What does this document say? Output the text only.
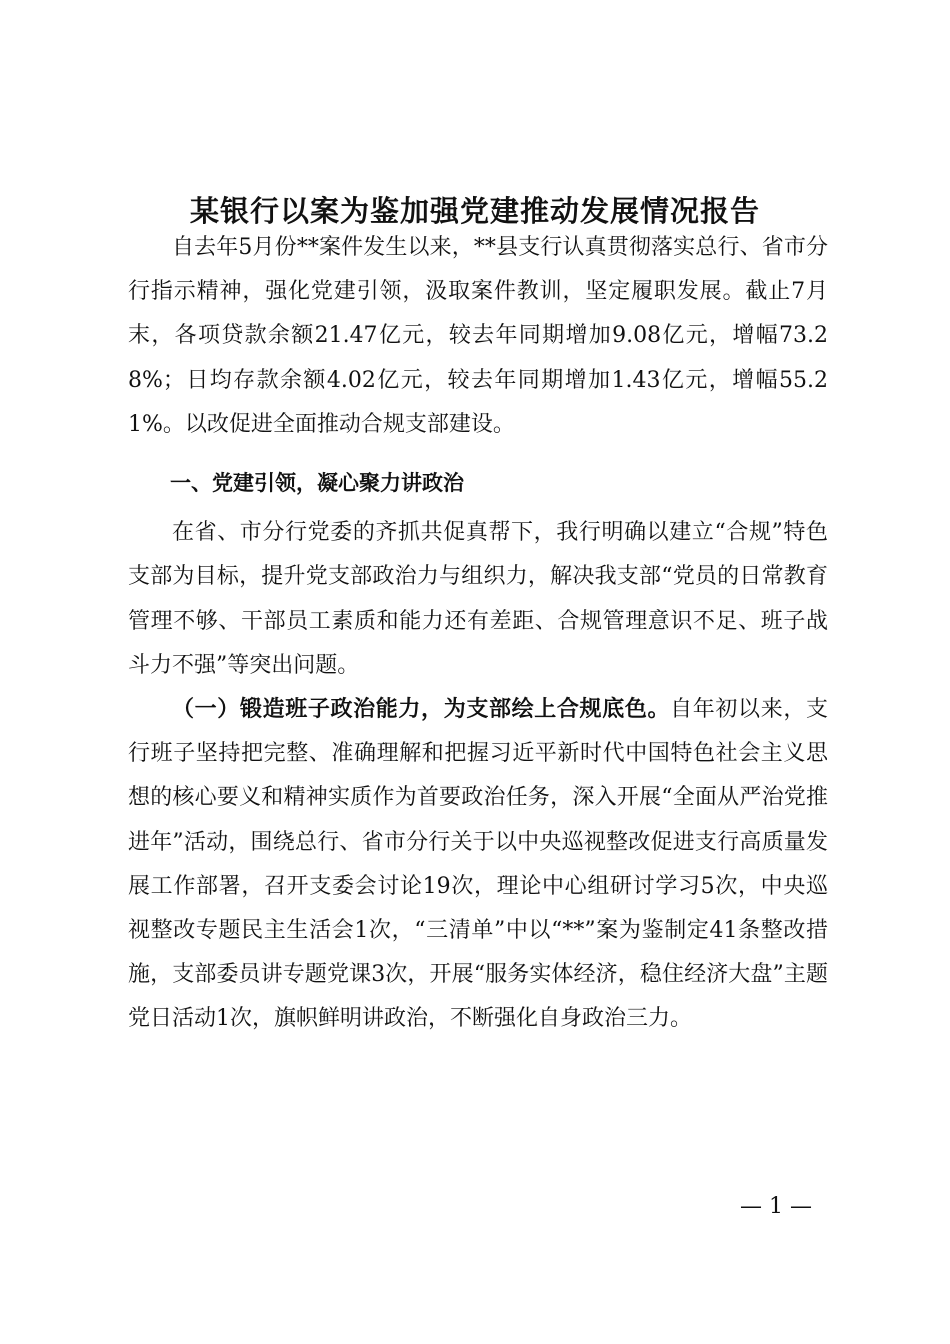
某银行以案为鉴加强党建推动发展情况报告

自去年5月份**案件发生以来，**县支行认真贯彻落实总行、省市分行指示精神，强化党建引领，汲取案件教训，坚定履职发展。截止7月末，各项贷款余额21.47亿元，较去年同期增加9.08亿元，增幅73.28%；日均存款余额4.02亿元，较去年同期增加1.43亿元，增幅55.21%。以改促进全面推动合规支部建设。

一、党建引领，凝心聚力讲政治

在省、市分行党委的齐抓共促真帮下，我行明确以建立“合规”特色支部为目标，提升党支部政治力与组织力，解决我支部“党员的日常教育管理不够、干部员工素质和能力还有差距、合规管理意识不足、班子战斗力不强”等突出问题。

（一）锻造班子政治能力，为支部绘上合规底色。自年初以来，支行班子坚持把完整、准确理解和把握习近平新时代中国特色社会主义思想的核心要义和精神实质作为首要政治任务，深入开展“全面从严治党推进年”活动，围绕总行、省市分行关于以中央巡视整改促进支行高质量发展工作部署，召开支委会讨论19次，理论中心组研讨学习5次，中央巡视整改专题民主生活会1次，“三清单”中以“**”案为鉴制定41条整改措施，支部委员讲专题党课3次，开展“服务实体经济，稳住经济大盘”主题党日活动1次，旗帜鲜明讲政治，不断强化自身政治三力。

— 1 —
